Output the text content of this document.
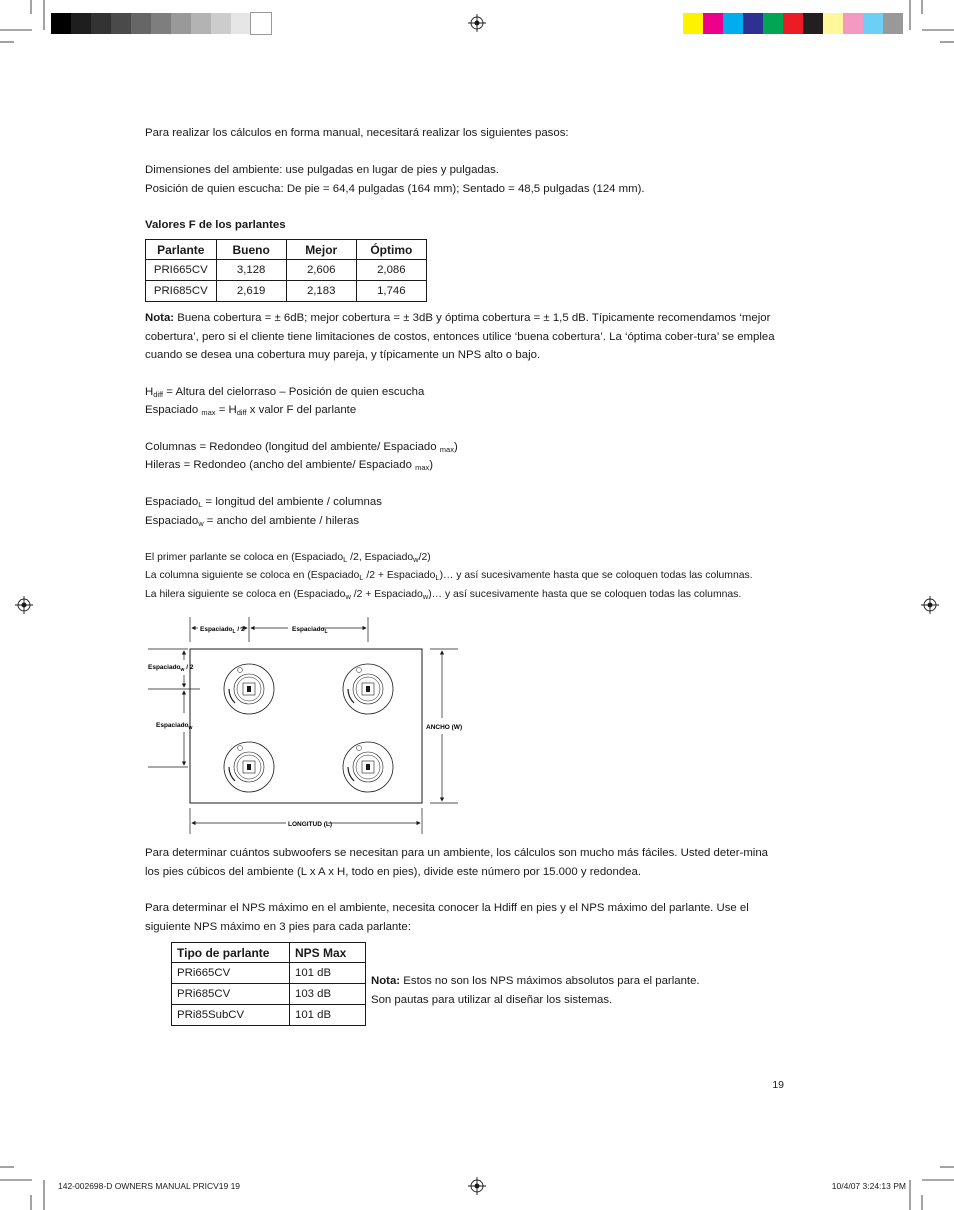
Para realizar los cálculos en forma manual, necesitará realizar los siguientes pasos:

Dimensiones del ambiente: use pulgadas en lugar de pies y pulgadas.

Posición de quien escucha: De pie = 64,4 pulgadas (164 mm); Sentado = 48,5 pulgadas (124 mm).

Valores F de los parlantes

Parlante	Bueno	Mejor	Óptimo
PRI665CV	3,128	2,606	2,086
PRI685CV	2,619	2,183	1,746

Nota: Buena cobertura = ± 6dB; mejor cobertura = ± 3dB y óptima cobertura = ± 1,5 dB. Típicamente recomendamos ‘mejor cobertura’, pero si el cliente tiene limitaciones de costos, entonces utilice ‘buena cobertura’. La ‘óptima cober-tura’ se emplea cuando se desea una cobertura muy pareja, y típicamente un NPS alto o bajo.

$H_{diff}$ = Altura del cielorraso – Posición de quien escucha

Espaciado $_{max} = H_{diff}$ x valor F del parlante

Columnas = Redondeo (longitud del ambiente/ Espaciado $_{max}$)

Hileras = Redondeo (ancho del ambiente/ Espaciado $_{max}$)

Espaciado$_L$ = longitud del ambiente / columnas

Espaciado$_w$ = ancho del ambiente / hileras

El primer parlante se coloca en (Espaciado$_L$ /2, Espaciado$_w$/2)

La columna siguiente se coloca en (Espaciado$_L$ /2 + Espaciado$_L$)… y así sucesivamente hasta que se coloquen todas las columnas.

La hilera siguiente se coloca en (Espaciado$_w$ /2 + Espaciado$_w$)… y así sucesivamente hasta que se coloquen todas las columnas.

Espaciado$_L$ / 2	Espaciado$_L$
Espaciado$_w$ / 2
Espaciado$_w$	ANCHO (W)
LONGITUD (L)

Para determinar cuántos subwoofers se necesitan para un ambiente, los cálculos son mucho más fáciles. Usted deter-mina los pies cúbicos del ambiente (L x A x H, todo en pies), divide este número por 15.000 y redondea.

Para determinar el NPS máximo en el ambiente, necesita conocer la Hdiff en pies y el NPS máximo del parlante. Use el siguiente NPS máximo en 3 pies para cada parlante:

Tipo de parlante	NPS Max
PRi665CV	101 dB
PRi685CV	103 dB
PRi85SubCV	101 dB

Nota: Estos no son los NPS máximos absolutos para el parlante.
Son pautas para utilizar al diseñar los sistemas.

19
142-002698-D OWNERS MANUAL PRICV19 19	10/4/07 3:24:13 PM
